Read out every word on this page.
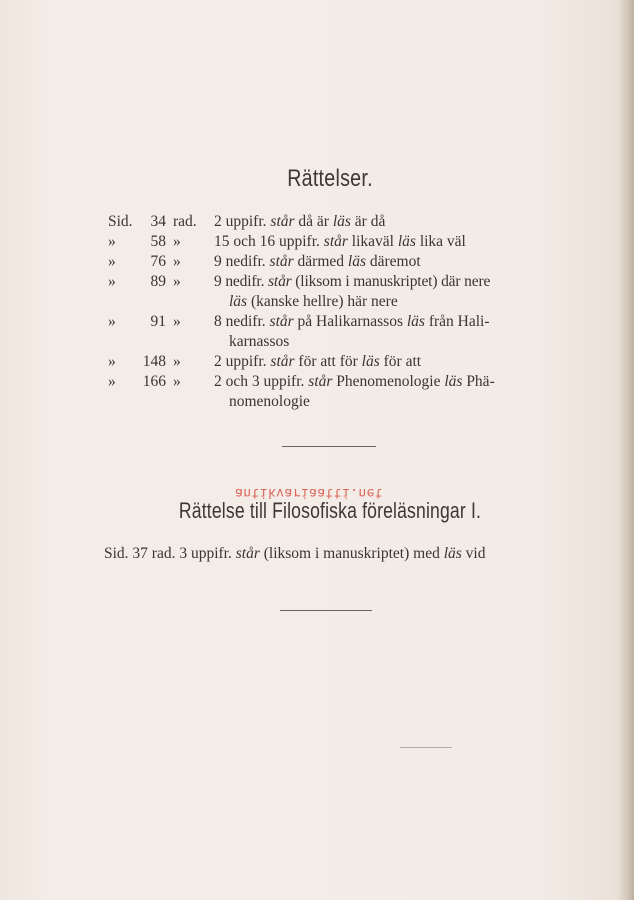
Rättelser.
Sid.	34 rad.	2 uppifr. står då är läs är då
»	58 »	15 och 16 uppifr. står likaväl läs lika väl
»	76 »	9 nedifr. står därmed läs däremot
»	89 »	9 nedifr. står (liksom i manuskriptet) där nere
läs (kanske hellre) här nere
»	91 »	8 nedifr. står på Halikarnassos läs från Hali-
karnassos
»	148 »	2 uppifr. står för att för läs för att
»	166 »	2 och 3 uppifr. står Phenomenologie läs Phä-
nomenologie
antikvariaatti.net
Rättelse till Filosofiska föreläsningar I.
Sid. 37 rad. 3 uppifr. står (liksom i manuskriptet) med läs vid
